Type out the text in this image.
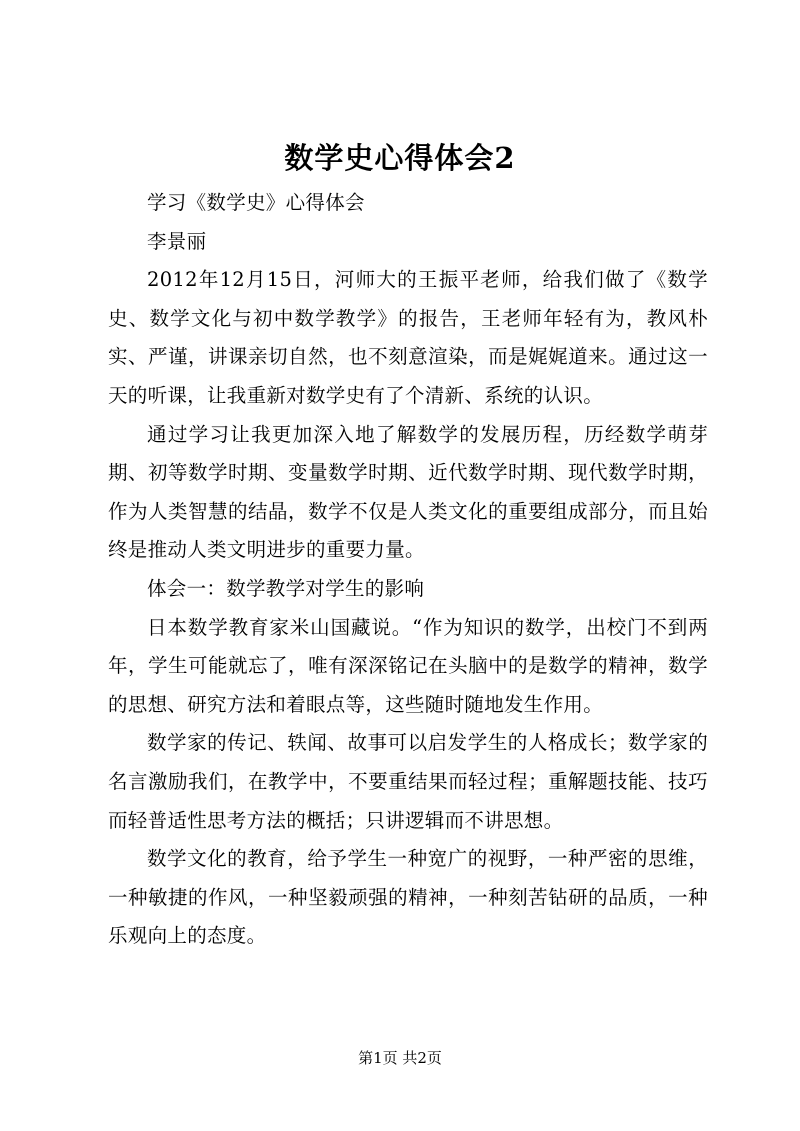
数学史心得体会2

学习《数学史》心得体会

李景丽

2012年12月15日，河师大的王振平老师，给我们做了《数学史、数学文化与初中数学教学》的报告，王老师年轻有为，教风朴实、严谨，讲课亲切自然，也不刻意渲染，而是娓娓道来。通过这一天的听课，让我重新对数学史有了个清新、系统的认识。

通过学习让我更加深入地了解数学的发展历程，历经数学萌芽期、初等数学时期、变量数学时期、近代数学时期、现代数学时期，作为人类智慧的结晶，数学不仅是人类文化的重要组成部分，而且始终是推动人类文明进步的重要力量。

体会一：数学教学对学生的影响

日本数学教育家米山国藏说。“作为知识的数学，出校门不到两年，学生可能就忘了，唯有深深铭记在头脑中的是数学的精神，数学的思想、研究方法和着眼点等，这些随时随地发生作用。

数学家的传记、轶闻、故事可以启发学生的人格成长；数学家的名言激励我们，在教学中，不要重结果而轻过程；重解题技能、技巧而轻普适性思考方法的概括；只讲逻辑而不讲思想。

数学文化的教育，给予学生一种宽广的视野，一种严密的思维，一种敏捷的作风，一种坚毅顽强的精神，一种刻苦钻研的品质，一种乐观向上的态度。

第1页 共2页
